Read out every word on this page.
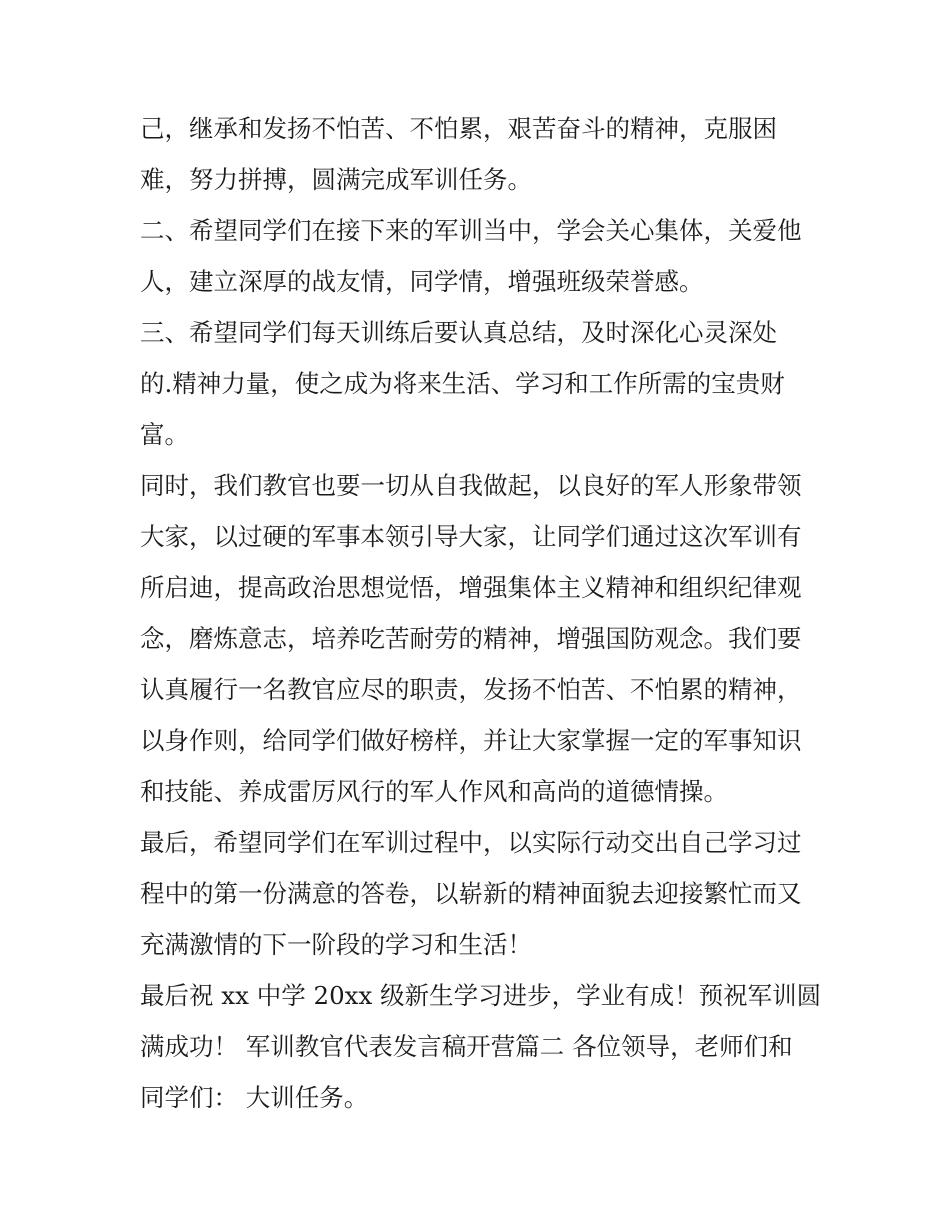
己，继承和发扬不怕苦、不怕累，艰苦奋斗的精神，克服困
难，努力拼搏，圆满完成军训任务。
二、希望同学们在接下来的军训当中，学会关心集体，关爱他
人，建立深厚的战友情，同学情，增强班级荣誉感。
三、希望同学们每天训练后要认真总结，及时深化心灵深处
的.精神力量，使之成为将来生活、学习和工作所需的宝贵财
富。
同时，我们教官也要一切从自我做起，以良好的军人形象带领
大家，以过硬的军事本领引导大家，让同学们通过这次军训有
所启迪，提高政治思想觉悟，增强集体主义精神和组织纪律观
念，磨炼意志，培养吃苦耐劳的精神，增强国防观念。我们要
认真履行一名教官应尽的职责，发扬不怕苦、不怕累的精神，
以身作则，给同学们做好榜样，并让大家掌握一定的军事知识
和技能、养成雷厉风行的军人作风和高尚的道德情操。
最后，希望同学们在军训过程中，以实际行动交出自己学习过
程中的第一份满意的答卷，以崭新的精神面貌去迎接繁忙而又
充满激情的下一阶段的学习和生活！
最后祝 xx 中学 20xx 级新生学习进步，学业有成！预祝军训圆
满成功！ 军训教官代表发言稿开营篇二 各位领导，老师们和
同学们： 大训任务。
